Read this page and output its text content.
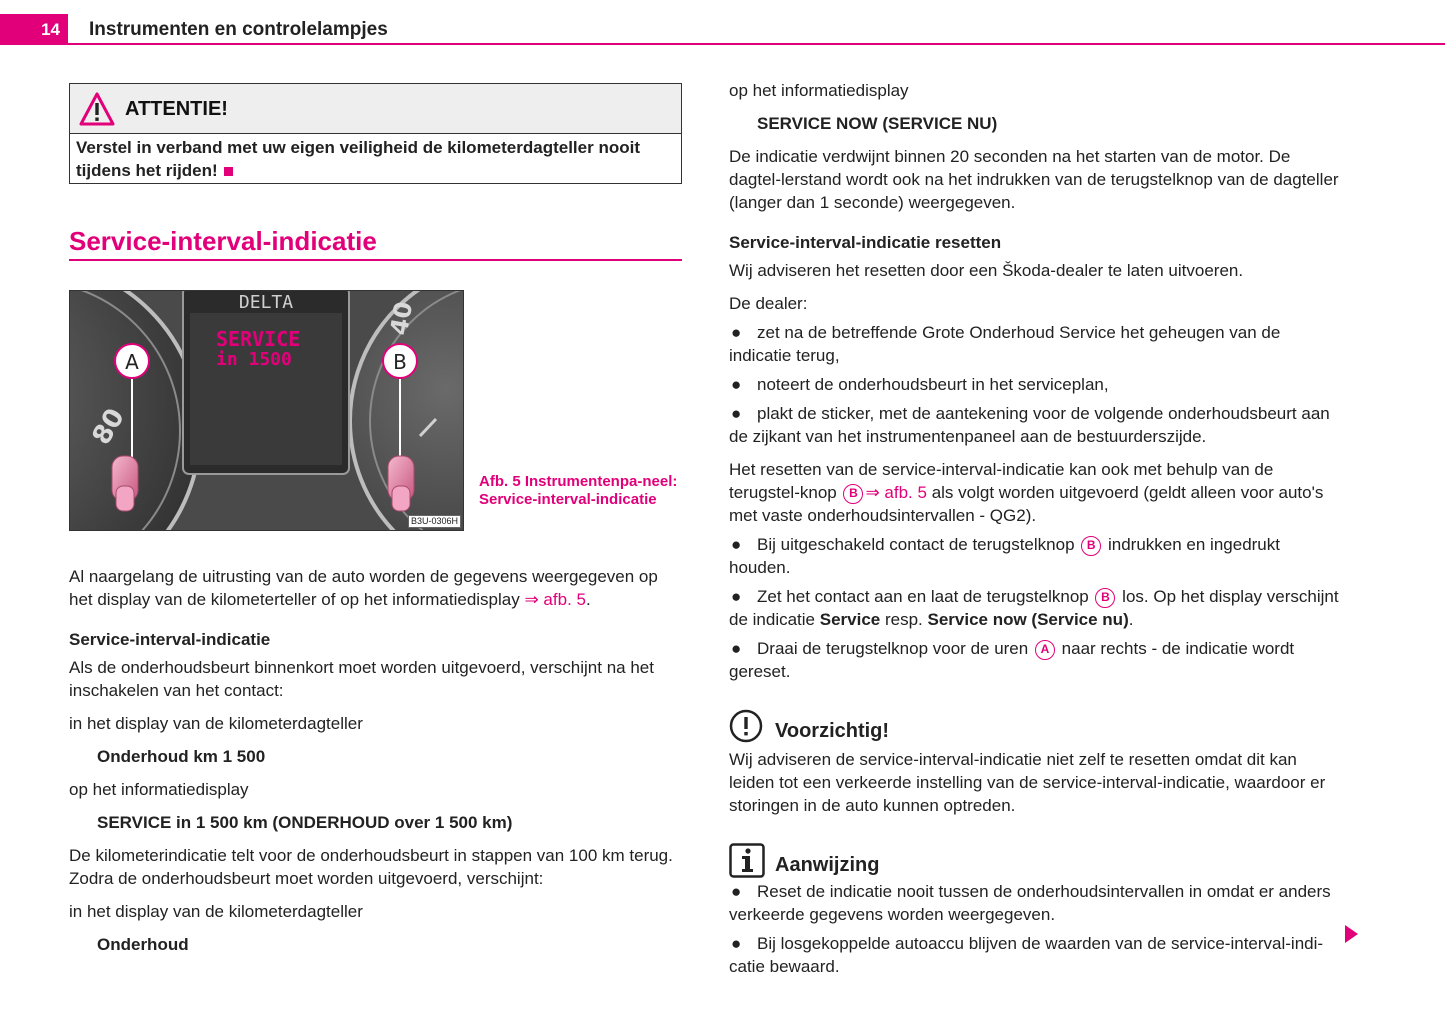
14	Instrumenten en controlelampjes
ATTENTIE!
Verstel in verband met uw eigen veiligheid de kilometerdagteller nooit tijdens het rijden!
Service-interval-indicatie
80
40
DELTA
SERVICE
in 1500
A	B
B3U-0306H
Afb. 5 Instrumentenpa-neel: Service-interval-indicatie

Al naargelang de uitrusting van de auto worden de gegevens weergegeven op het display van de kilometerteller of op het informatiedisplay ⇒ afb. 5.

Service-interval-indicatie

Als de onderhoudsbeurt binnenkort moet worden uitgevoerd, verschijnt na het inschakelen van het contact:

in het display van de kilometerdagteller

Onderhoud km 1 500

op het informatiedisplay

SERVICE in 1 500 km (ONDERHOUD over 1 500 km)

De kilometerindicatie telt voor de onderhoudsbeurt in stappen van 100 km terug. Zodra de onderhoudsbeurt moet worden uitgevoerd, verschijnt:

in het display van de kilometerdagteller

Onderhoud

op het informatiedisplay

SERVICE NOW (SERVICE NU)

De indicatie verdwijnt binnen 20 seconden na het starten van de motor. De dagtel-lerstand wordt ook na het indrukken van de terugstelknop van de dagteller (langer dan 1 seconde) weergegeven.

Service-interval-indicatie resetten

Wij adviseren het resetten door een Škoda-dealer te laten uitvoeren.

De dealer:

● zet na de betreffende Grote Onderhoud Service het geheugen van de indicatie terug,
● noteert de onderhoudsbeurt in het serviceplan,
● plakt de sticker, met de aantekening voor de volgende onderhoudsbeurt aan de zijkant van het instrumentenpaneel aan de bestuurderszijde.

Het resetten van de service-interval-indicatie kan ook met behulp van de terugstel-knop B ⇒ afb. 5 als volgt worden uitgevoerd (geldt alleen voor auto's met vaste onderhoudsintervallen - QG2).

● Bij uitgeschakeld contact de terugstelknop B indrukken en ingedrukt houden.
● Zet het contact aan en laat de terugstelknop B los. Op het display verschijnt de indicatie Service resp. Service now (Service nu).
● Draai de terugstelknop voor de uren A naar rechts - de indicatie wordt gereset.
Voorzichtig!

Wij adviseren de service-interval-indicatie niet zelf te resetten omdat dit kan leiden tot een verkeerde instelling van de service-interval-indicatie, waardoor er storingen in de auto kunnen optreden.

Aanwijzing
● Reset de indicatie nooit tussen de onderhoudsintervallen in omdat er anders verkeerde gegevens worden weergegeven.
● Bij losgekoppelde autoaccu blijven de waarden van de service-interval-indi-catie bewaard.
